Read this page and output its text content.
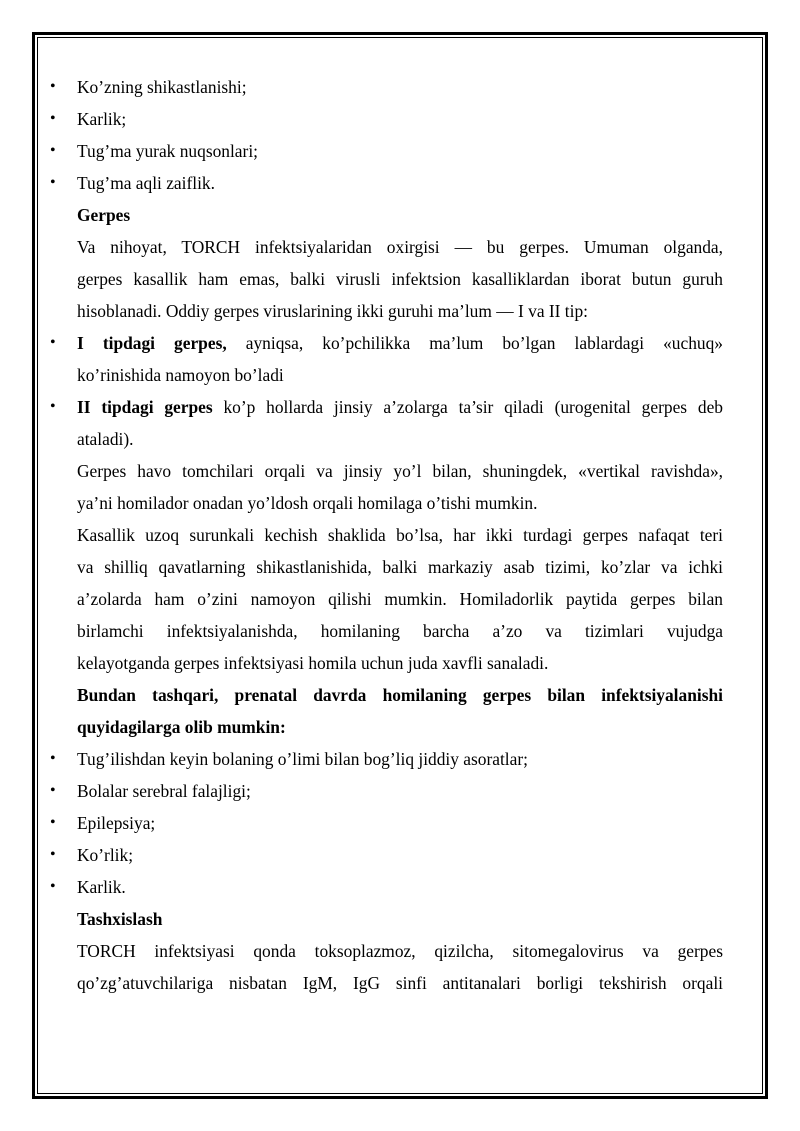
•	Ko’zning shikastlanishi;
•	Karlik;
•	Tug’ma yurak nuqsonlari;
•	Tug’ma aqli zaiflik.
Gerpes
Va nihoyat, TORCH infektsiyalaridan oxirgisi — bu gerpes. Umuman olganda,
gerpes kasallik ham emas, balki virusli infektsion kasalliklardan iborat butun guruh
hisoblanadi. Oddiy gerpes viruslarining ikki guruhi ma’lum — I va II tip:
•	I tipdagi gerpes, ayniqsa, ko’pchilikka ma’lum bo’lgan lablardagi «uchuq»
ko’rinishida namoyon bo’ladi
•	II tipdagi gerpes ko’p hollarda jinsiy a’zolarga ta’sir qiladi (urogenital gerpes deb
ataladi).
Gerpes havo tomchilari orqali va jinsiy yo’l bilan, shuningdek, «vertikal ravishda»,
ya’ni homilador onadan yo’ldosh orqali homilaga o’tishi mumkin.
Kasallik uzoq surunkali kechish shaklida bo’lsa, har ikki turdagi gerpes nafaqat teri
va shilliq qavatlarning shikastlanishida, balki markaziy asab tizimi, ko’zlar va ichki
a’zolarda ham o’zini namoyon qilishi mumkin. Homiladorlik paytida gerpes bilan
birlamchi infektsiyalanishda, homilaning barcha a’zo va tizimlari vujudga
kelayotganda gerpes infektsiyasi homila uchun juda xavfli sanaladi.
Bundan tashqari, prenatal davrda homilaning gerpes bilan infektsiyalanishi
quyidagilarga olib mumkin:
•	Tug’ilishdan keyin bolaning o’limi bilan bog’liq jiddiy asoratlar;
•	Bolalar serebral falajligi;
•	Epilepsiya;
•	Ko’rlik;
•	Karlik.
Tashxislash
TORCH infektsiyasi qonda toksoplazmoz, qizilcha, sitomegalovirus va gerpes
qo’zg’atuvchilariga nisbatan IgM, IgG sinfi antitanalari borligi tekshirish orqali
